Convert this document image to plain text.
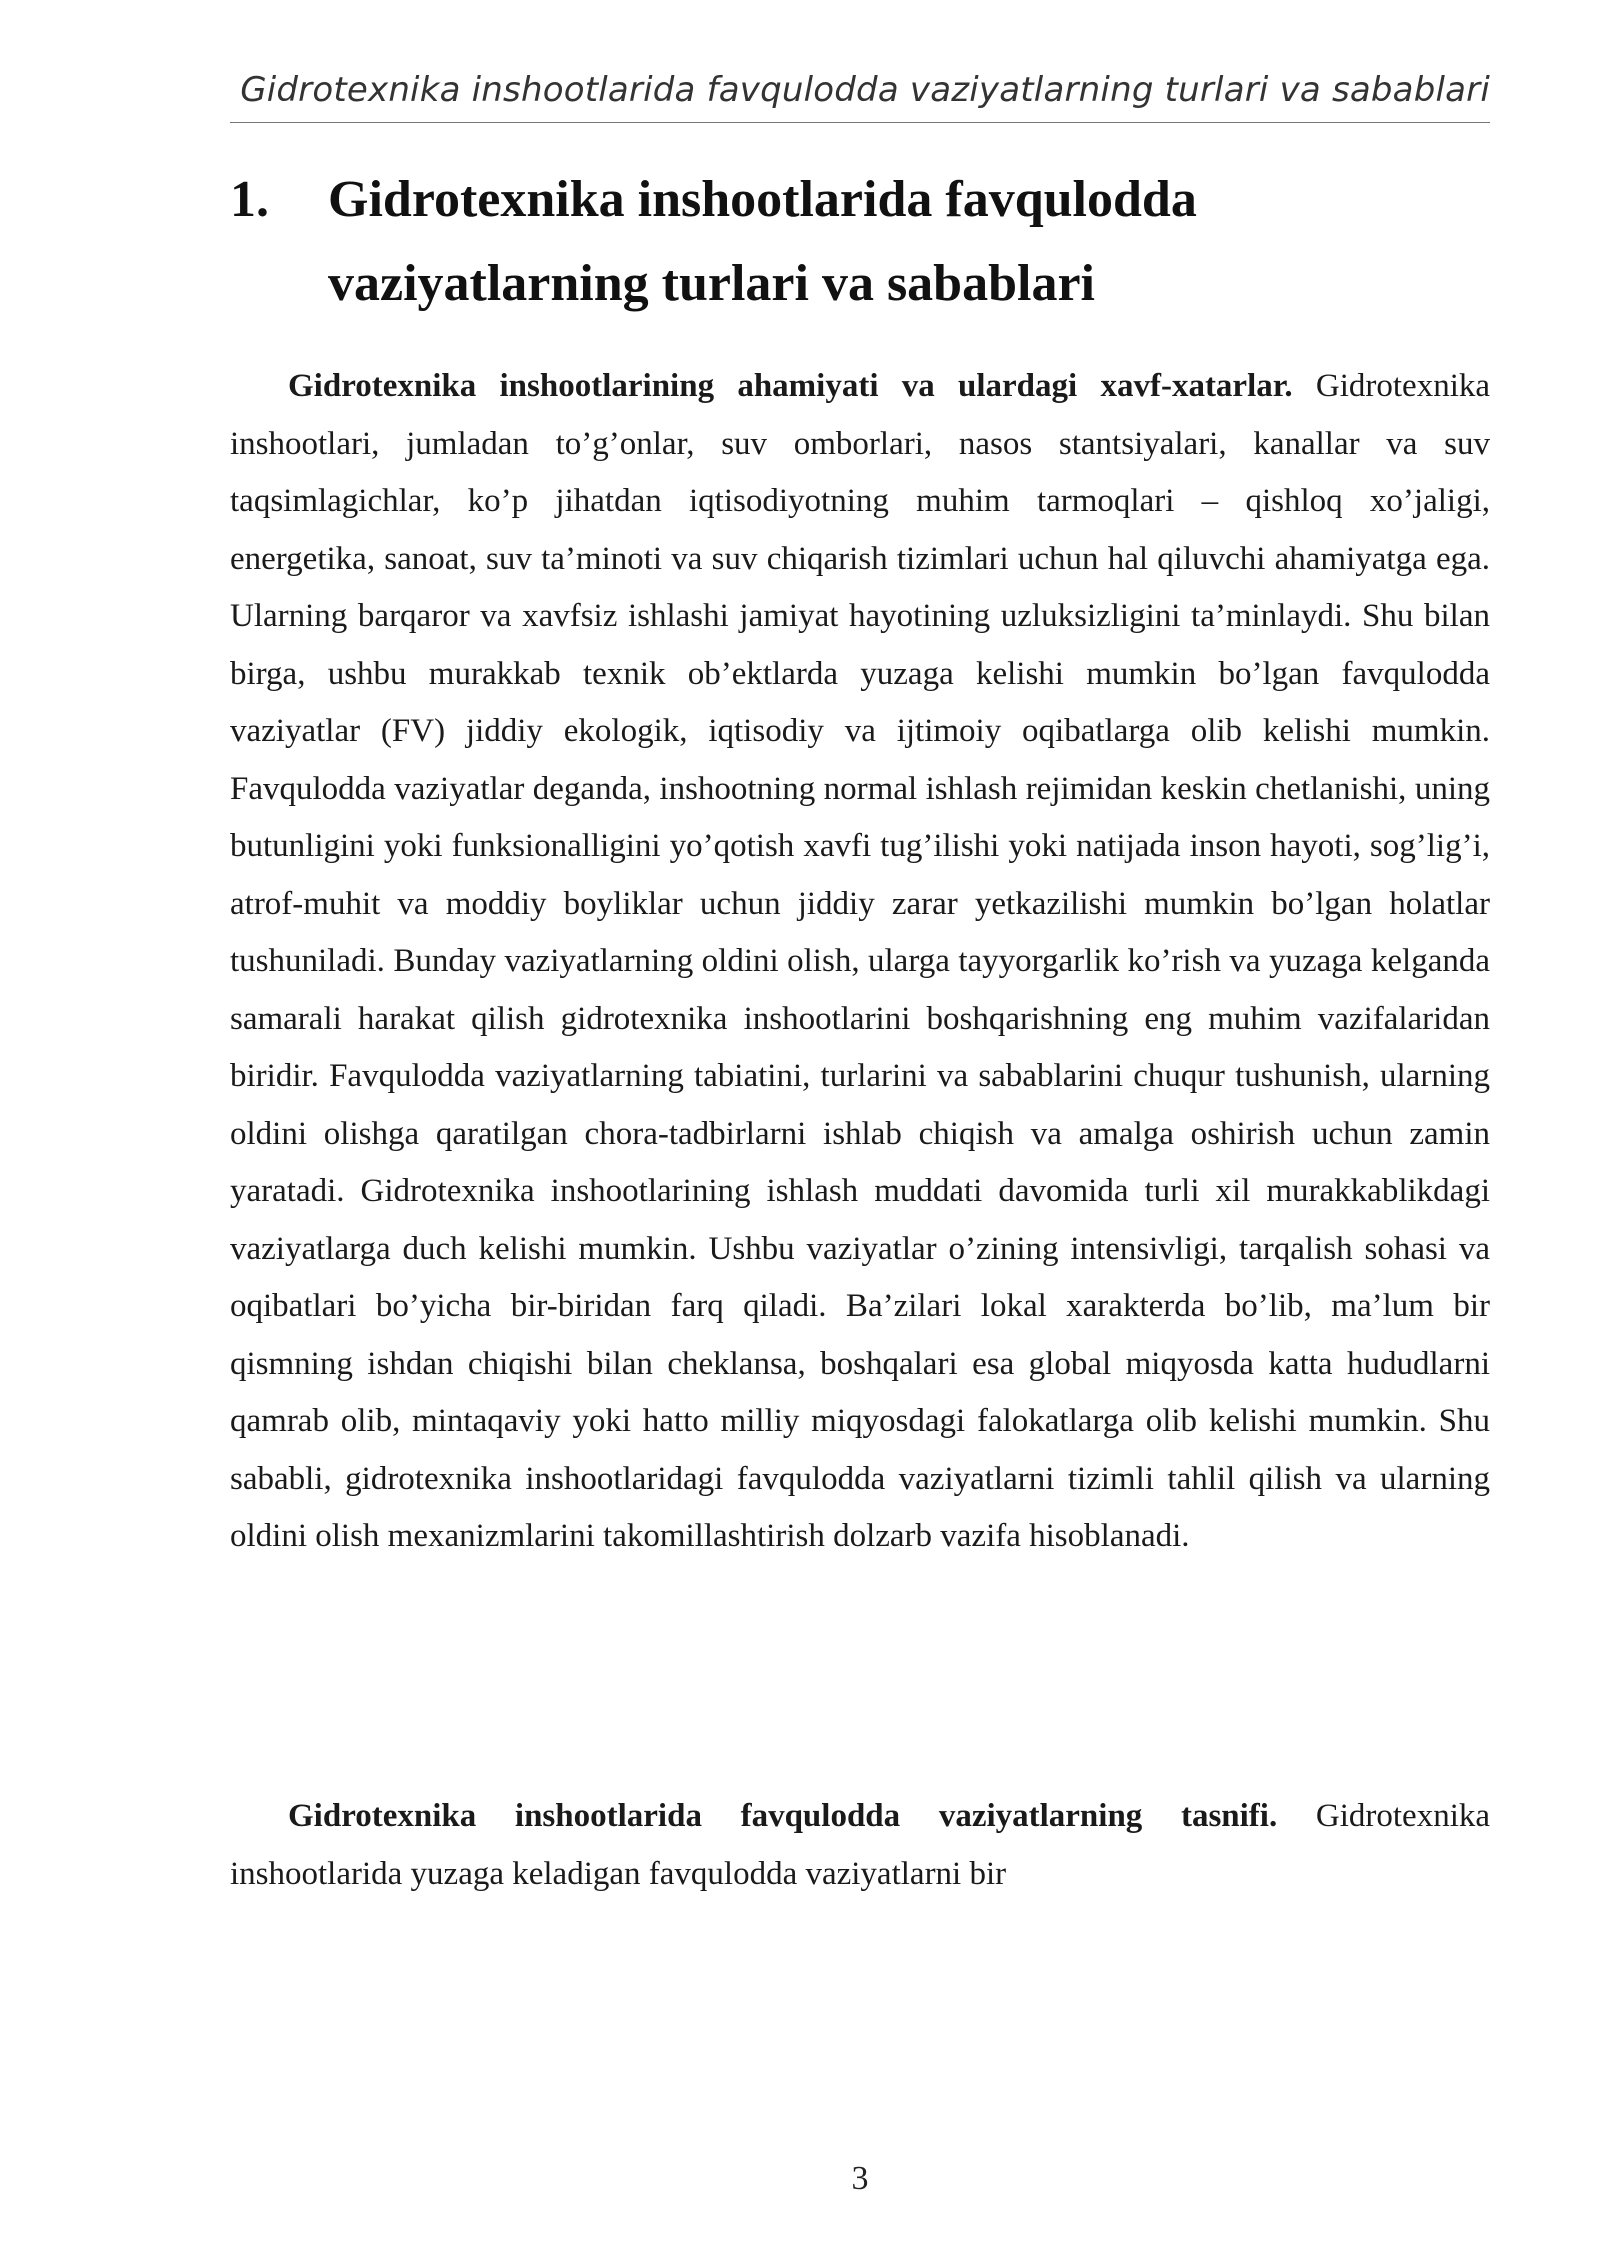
Gidrotexnika inshootlarida favqulodda vaziyatlarning turlari va sabablari
1. Gidrotexnika inshootlarida favqulodda
vaziyatlarning turlari va sabablari
Gidrotexnika inshootlarining ahamiyati va ulardagi xavf-xatarlar. Gidrotexnika inshootlari, jumladan to’g’onlar, suv omborlari, nasos stantsiyalari, kanallar va suv taqsimlagichlar, ko’p jihatdan iqtisodiyotning muhim tarmoqlari – qishloq xo’jaligi, energetika, sanoat, suv ta’minoti va suv chiqarish tizimlari uchun hal qiluvchi ahamiyatga ega. Ularning barqaror va xavfsiz ishlashi jamiyat hayotining uzluksizligini ta’minlaydi. Shu bilan birga, ushbu murakkab texnik ob’ektlarda yuzaga kelishi mumkin bo’lgan favqulodda vaziyatlar (FV) jiddiy ekologik, iqtisodiy va ijtimoiy oqibatlarga olib kelishi mumkin. Favqulodda vaziyatlar deganda, inshootning normal ishlash rejimidan keskin chetlanishi, uning butunligini yoki funksionalligini yo’qotish xavfi tug’ilishi yoki natijada inson hayoti, sog’lig’i, atrof-muhit va moddiy boyliklar uchun jiddiy zarar yetkazilishi mumkin bo’lgan holatlar tushuniladi. Bunday vaziyatlarning oldini olish, ularga tayyorgarlik ko’rish va yuzaga kelganda samarali harakat qilish gidrotexnika inshootlarini boshqarishning eng muhim vazifalaridan biridir. Favqulodda vaziyatlarning tabiatini, turlarini va sabablarini chuqur tushunish, ularning oldini olishga qaratilgan chora-tadbirlarni ishlab chiqish va amalga oshirish uchun zamin yaratadi. Gidrotexnika inshootlarining ishlash muddati davomida turli xil murakkablikdagi vaziyatlarga duch kelishi mumkin. Ushbu vaziyatlar o’zining intensivligi, tarqalish sohasi va oqibatlari bo’yicha bir-biridan farq qiladi. Ba’zilari lokal xarakterda bo’lib, ma’lum bir qismning ishdan chiqishi bilan cheklansa, boshqalari esa global miqyosda katta hududlarni qamrab olib, mintaqaviy yoki hatto milliy miqyosdagi falokatlarga olib kelishi mumkin. Shu sababli, gidrotexnika inshootlaridagi favqulodda vaziyatlarni tizimli tahlil qilish va ularning oldini olish mexanizmlarini takomillashtirish dolzarb vazifa hisoblanadi.
Gidrotexnika inshootlarida favqulodda vaziyatlarning tasnifi. Gidrotexnika inshootlarida yuzaga keladigan favqulodda vaziyatlarni bir
3
